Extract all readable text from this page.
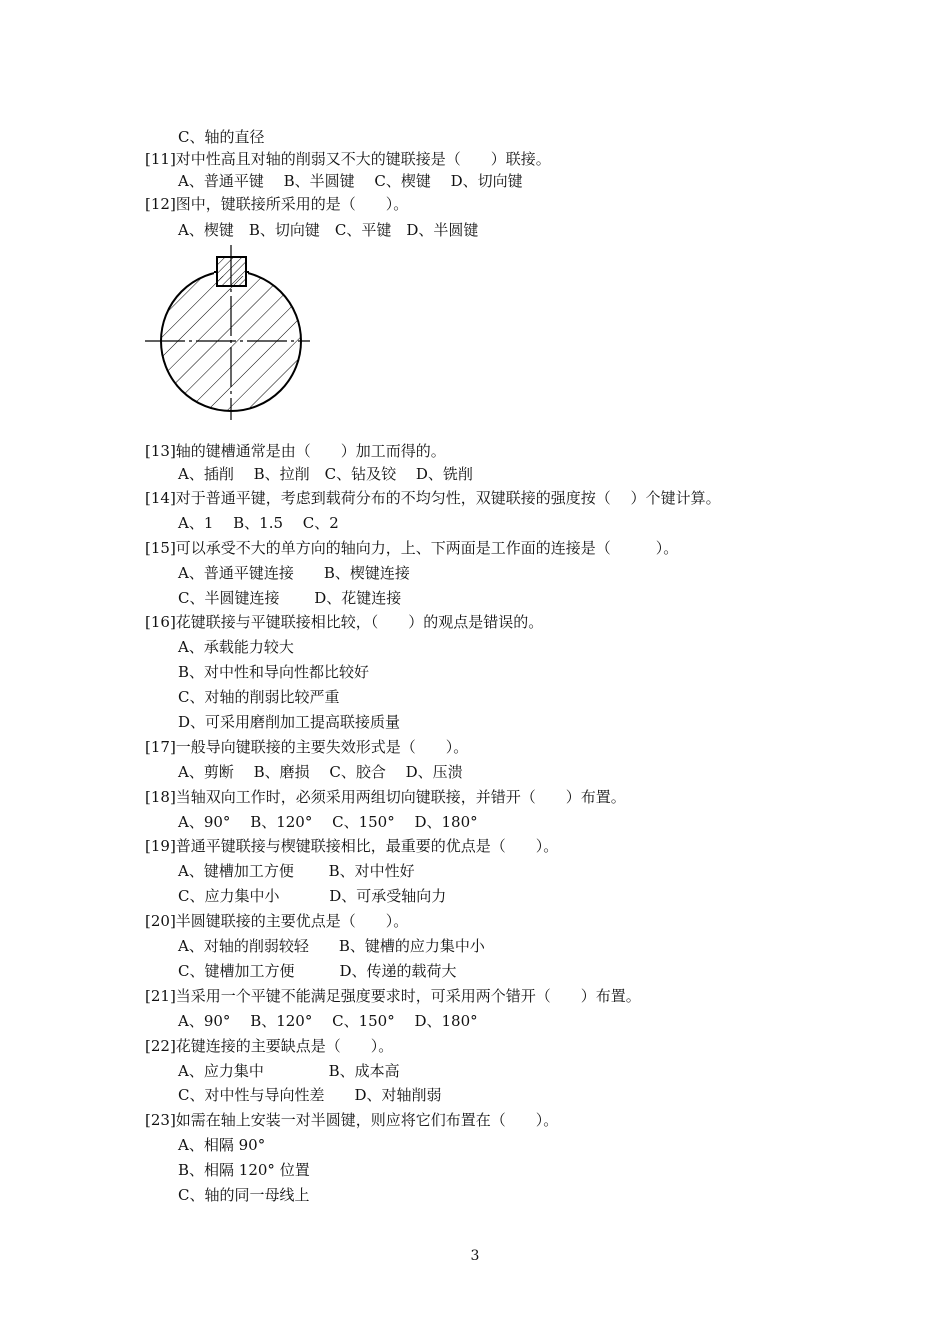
C、轴的直径
[11]对中性高且对轴的削弱又不大的键联接是（　　）联接。
A、普通平键　 B、半圆键　 C、楔键　 D、切向键
[12]图中，键联接所采用的是（　　）。
A、楔键　B、切向键　C、平键　D、半圆键
[13]轴的键槽通常是由（　　）加工而得的。
A、插削　 B、拉削　C、钻及铰　 D、铣削
[14]对于普通平键，考虑到载荷分布的不均匀性，双键联接的强度按（　 ）个键计算。
A、1　 B、1.5　 C、2
[15]可以承受不大的单方向的轴向力，上、下两面是工作面的连接是（　　　）。
A、普通平键连接　　B、楔键连接
C、半圆键连接　　 D、花键连接
[16]花键联接与平键联接相比较，（　　）的观点是错误的。
A、承载能力较大
B、对中性和导向性都比较好
C、对轴的削弱比较严重
D、可采用磨削加工提高联接质量
[17]一般导向键联接的主要失效形式是（　　）。
A、剪断　 B、磨损　 C、胶合　 D、压溃
[18]当轴双向工作时，必须采用两组切向键联接，并错开（　　）布置。
A、90°　 B、120°　 C、150°　 D、180°
[19]普通平键联接与楔键联接相比，最重要的优点是（　　）。
A、键槽加工方便　　 B、对中性好
C、应力集中小　　　 D、可承受轴向力
[20]半圆键联接的主要优点是（　　）。
A、对轴的削弱较轻　　B、键槽的应力集中小
C、键槽加工方便　　　D、传递的载荷大
[21]当采用一个平键不能满足强度要求时，可采用两个错开（　　）布置。
A、90°　 B、120°　 C、150°　 D、180°
[22]花键连接的主要缺点是（　　）。
A、应力集中　　　　 B、成本高
C、对中性与导向性差　　D、对轴削弱
[23]如需在轴上安装一对半圆键，则应将它们布置在（　　）。
A、相隔 90°
B、相隔 120° 位置
C、轴的同一母线上
3
